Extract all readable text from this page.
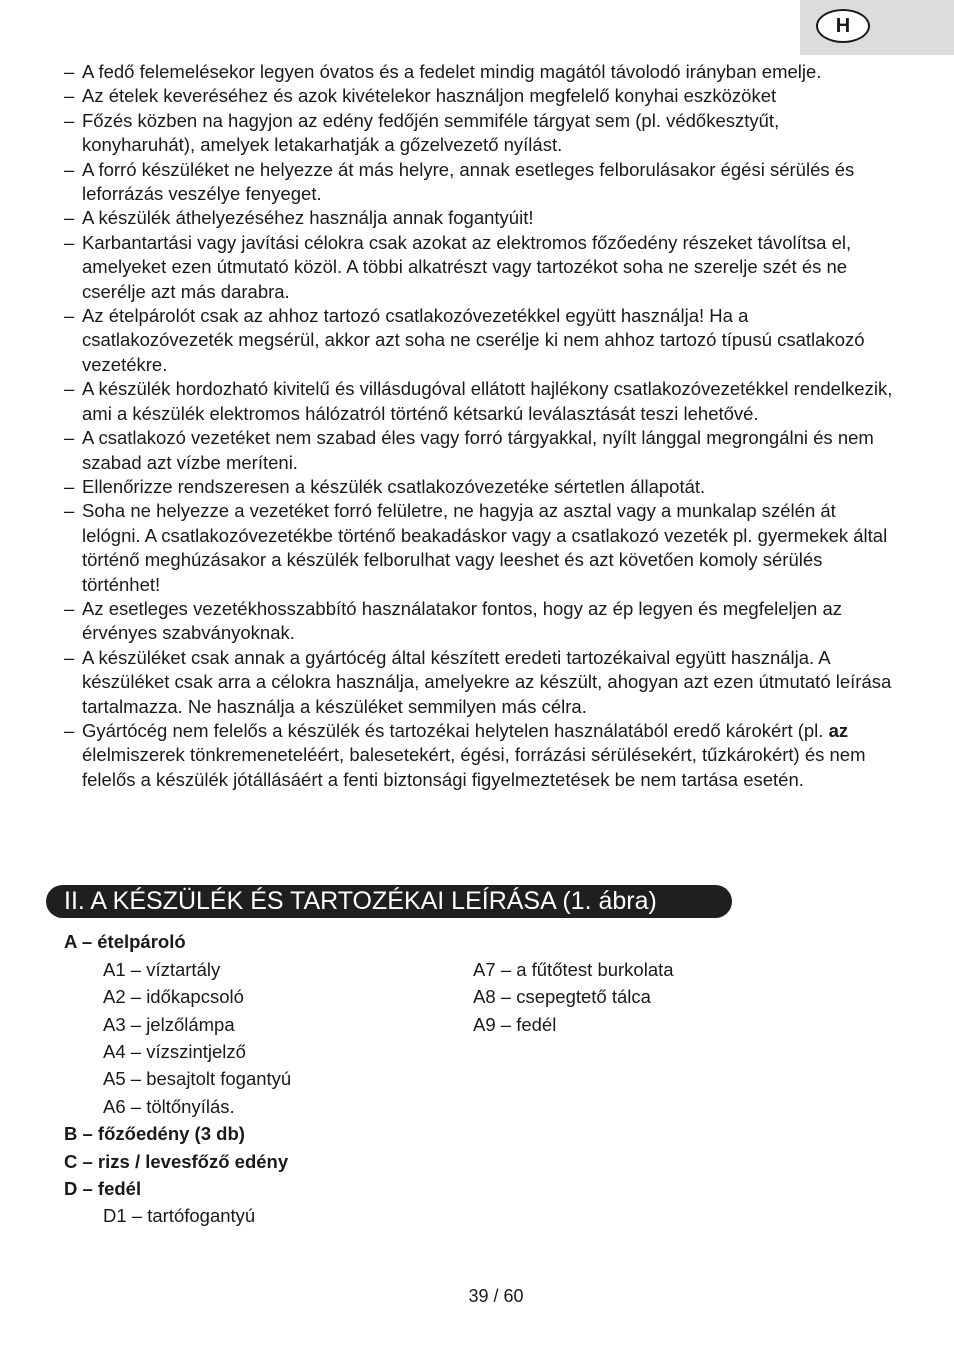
H
– A fedő felemelésekor legyen óvatos és a fedelet mindig magától távolodó irányban emelje.
– Az ételek keveréséhez és azok kivételekor használjon megfelelő konyhai eszközöket
– Főzés közben na hagyjon az edény fedőjén semmiféle tárgyat sem (pl. védőkesztyűt, konyharuhát), amelyek letakarhatják a gőzelvezető nyílást.
– A forró készüléket ne helyezze át más helyre, annak esetleges felborulásakor égési sérülés és leforrázás veszélye fenyeget.
– A készülék áthelyezéséhez használja annak fogantyúit!
– Karbantartási vagy javítási célokra csak azokat az elektromos főzőedény részeket távolítsa el, amelyeket ezen útmutató közöl. A többi alkatrészt vagy tartozékot soha ne szerelje szét és ne cserélje azt más darabra.
– Az ételpárolót csak az ahhoz tartozó csatlakozóvezetékkel együtt használja! Ha a csatlakozóvezeték megsérül, akkor azt soha ne cserélje ki nem ahhoz tartozó típusú csatlakozó vezetékre.
– A készülék hordozható kivitelű és villásdugóval ellátott hajlékony csatlakozóvezetékkel rendelkezik, ami a készülék elektromos hálózatról történő kétsarkú leválasztását teszi lehetővé.
– A csatlakozó vezetéket nem szabad éles vagy forró tárgyakkal, nyílt lánggal megrongálni és nem szabad azt vízbe meríteni.
– Ellenőrizze rendszeresen a készülék csatlakozóvezetéke sértetlen állapotát.
– Soha ne helyezze a vezetéket forró felületre, ne hagyja az asztal vagy a munkalap szélén át lelógni. A csatlakozóvezetékbe történő beakadáskor vagy a csatlakozó vezeték pl. gyermekek által történő meghúzásakor a készülék felborulhat vagy leeshet és azt követően komoly sérülés történhet!
– Az esetleges vezetékhosszabbító használatakor fontos, hogy az ép legyen és megfeleljen az érvényes szabványoknak.
– A készüléket csak annak a gyártócég által készített eredeti tartozékaival együtt használja. A készüléket csak arra a célokra használja, amelyekre az készült, ahogyan azt ezen útmutató leírása tartalmazza. Ne használja a készüléket semmilyen más célra.
– Gyártócég nem felelős a készülék és tartozékai helytelen használatából eredő károkért (pl. az élelmiszerek tönkremeneteléért, balesetekért, égési, forrázási sérülésekért, tűzkárokért) és nem felelős a készülék jótállásáért a fenti biztonsági figyelmeztetések be nem tartása esetén.
II. A KÉSZÜLÉK ÉS TARTOZÉKAI LEÍRÁSA (1. ábra)
A – ételpároló
A1 – víztartály
A2 – időkapcsoló
A3 – jelzőlámpa
A4 – vízszintjelző
A5 – besajtolt fogantyú
A6 – töltőnyílás.
A7 – a fűtőtest burkolata
A8 – csepegtető tálca
A9 – fedél
B – főzőedény (3 db)
C – rizs / levesfőző edény
D – fedél
D1 – tartófogantyú
39 / 60
